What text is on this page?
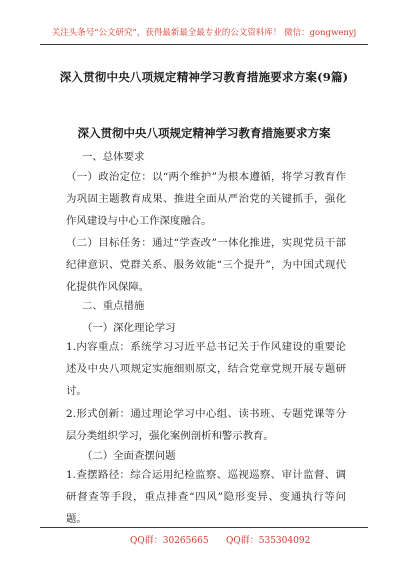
关注头条号“公文研究”，获得最新最全最专业的公文资料库！ 微信：gongwenyj
深入贯彻中央八项规定精神学习教育措施要求方案(9篇)
深入贯彻中央八项规定精神学习教育措施要求方案
一、总体要求
（一）政治定位：以“两个维护”为根本遵循，将学习教育作为巩固主题教育成果、推进全面从严治党的关键抓手，强化作风建设与中心工作深度融合。
（二）目标任务：通过“学查改”一体化推进，实现党员干部纪律意识、党群关系、服务效能“三个提升”，为中国式现代化提供作风保障。
二、重点措施
（一）深化理论学习
1.内容重点：系统学习习近平总书记关于作风建设的重要论述及中央八项规定实施细则原文，结合党章党规开展专题研讨。
2.形式创新：通过理论学习中心组、读书班、专题党课等分层分类组织学习，强化案例剖析和警示教育。
（二）全面查摆问题
1.查摆路径：综合运用纪检监察、巡视巡察、审计监督、调研督查等手段，重点排查“四风”隐形变异、变通执行等问题。
QQ群：30265665 QQ群：535304092
